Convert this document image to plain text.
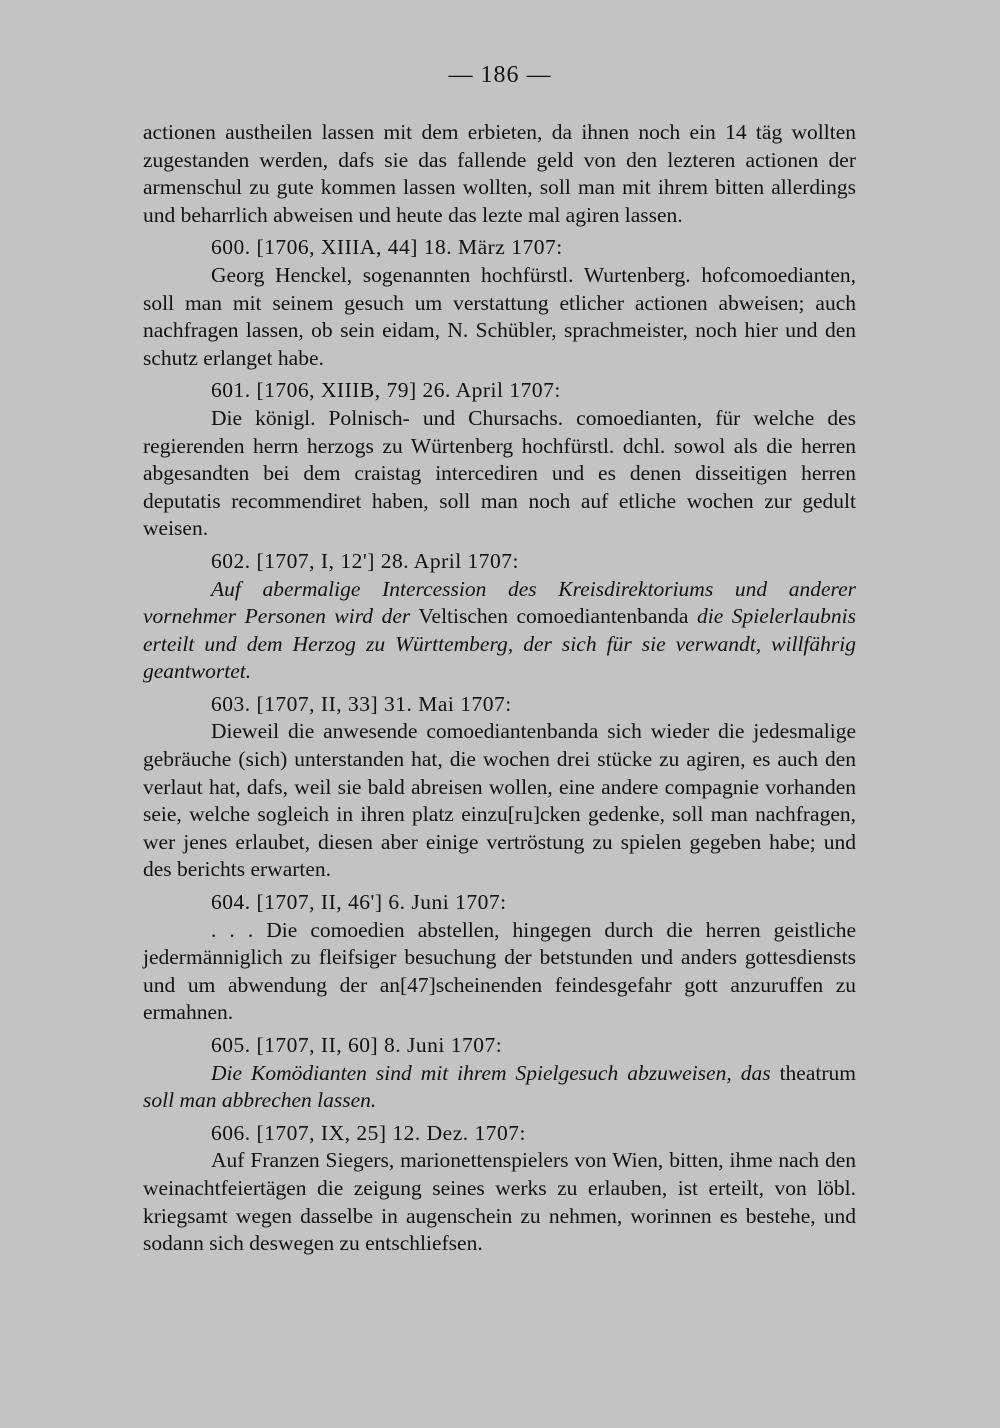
— 186 —

actionen austheilen lassen mit dem erbieten, da ihnen noch ein 14 täg wollten zugestanden werden, dafs sie das fallende geld von den lezteren actionen der armenschul zu gute kommen lassen wollten, soll man mit ihrem bitten allerdings und beharrlich abweisen und heute das lezte mal agiren lassen.

600. [1706, XIIIA, 44] 18. März 1707:

Georg Henckel, sogenannten hochfürstl. Wurtenberg. hofcomoedianten, soll man mit seinem gesuch um verstattung etlicher actionen abweisen; auch nachfragen lassen, ob sein eidam, N. Schübler, sprachmeister, noch hier und den schutz erlanget habe.

601. [1706, XIIIB, 79] 26. April 1707:

Die königl. Polnisch- und Chursachs. comoedianten, für welche des regierenden herrn herzogs zu Würtenberg hochfürstl. dchl. sowol als die herren abgesandten bei dem craistag intercediren und es denen disseitigen herren deputatis recommendiret haben, soll man noch auf etliche wochen zur gedult weisen.

602. [1707, I, 12'] 28. April 1707:

Auf abermalige Intercession des Kreisdirektoriums und anderer vornehmer Personen wird der Veltischen comoediantenbanda die Spielerlaubnis erteilt und dem Herzog zu Württemberg, der sich für sie verwandt, willfährig geantwortet.

603. [1707, II, 33] 31. Mai 1707:

Dieweil die anwesende comoediantenbanda sich wieder die jedesmalige gebräuche (sich) unterstanden hat, die wochen drei stücke zu agiren, es auch den verlaut hat, dafs, weil sie bald abreisen wollen, eine andere compagnie vorhanden seie, welche sogleich in ihren platz einzu[ru]cken gedenke, soll man nachfragen, wer jenes erlaubet, diesen aber einige vertröstung zu spielen gegeben habe; und des berichts erwarten.

604. [1707, II, 46'] 6. Juni 1707:

. . . Die comoedien abstellen, hingegen durch die herren geistliche jedermänniglich zu fleifsiger besuchung der betstunden und anders gottesdiensts und um abwendung der an[47]scheinenden feindesgefahr gott anzuruffen zu ermahnen.

605. [1707, II, 60] 8. Juni 1707:

Die Komödianten sind mit ihrem Spielgesuch abzuweisen, das theatrum soll man abbrechen lassen.

606. [1707, IX, 25] 12. Dez. 1707:

Auf Franzen Siegers, marionettenspielers von Wien, bitten, ihme nach den weinachtfeiertägen die zeigung seines werks zu erlauben, ist erteilt, von löbl. kriegsamt wegen dasselbe in augenschein zu nehmen, worinnen es bestehe, und sodann sich deswegen zu entschliefsen.
